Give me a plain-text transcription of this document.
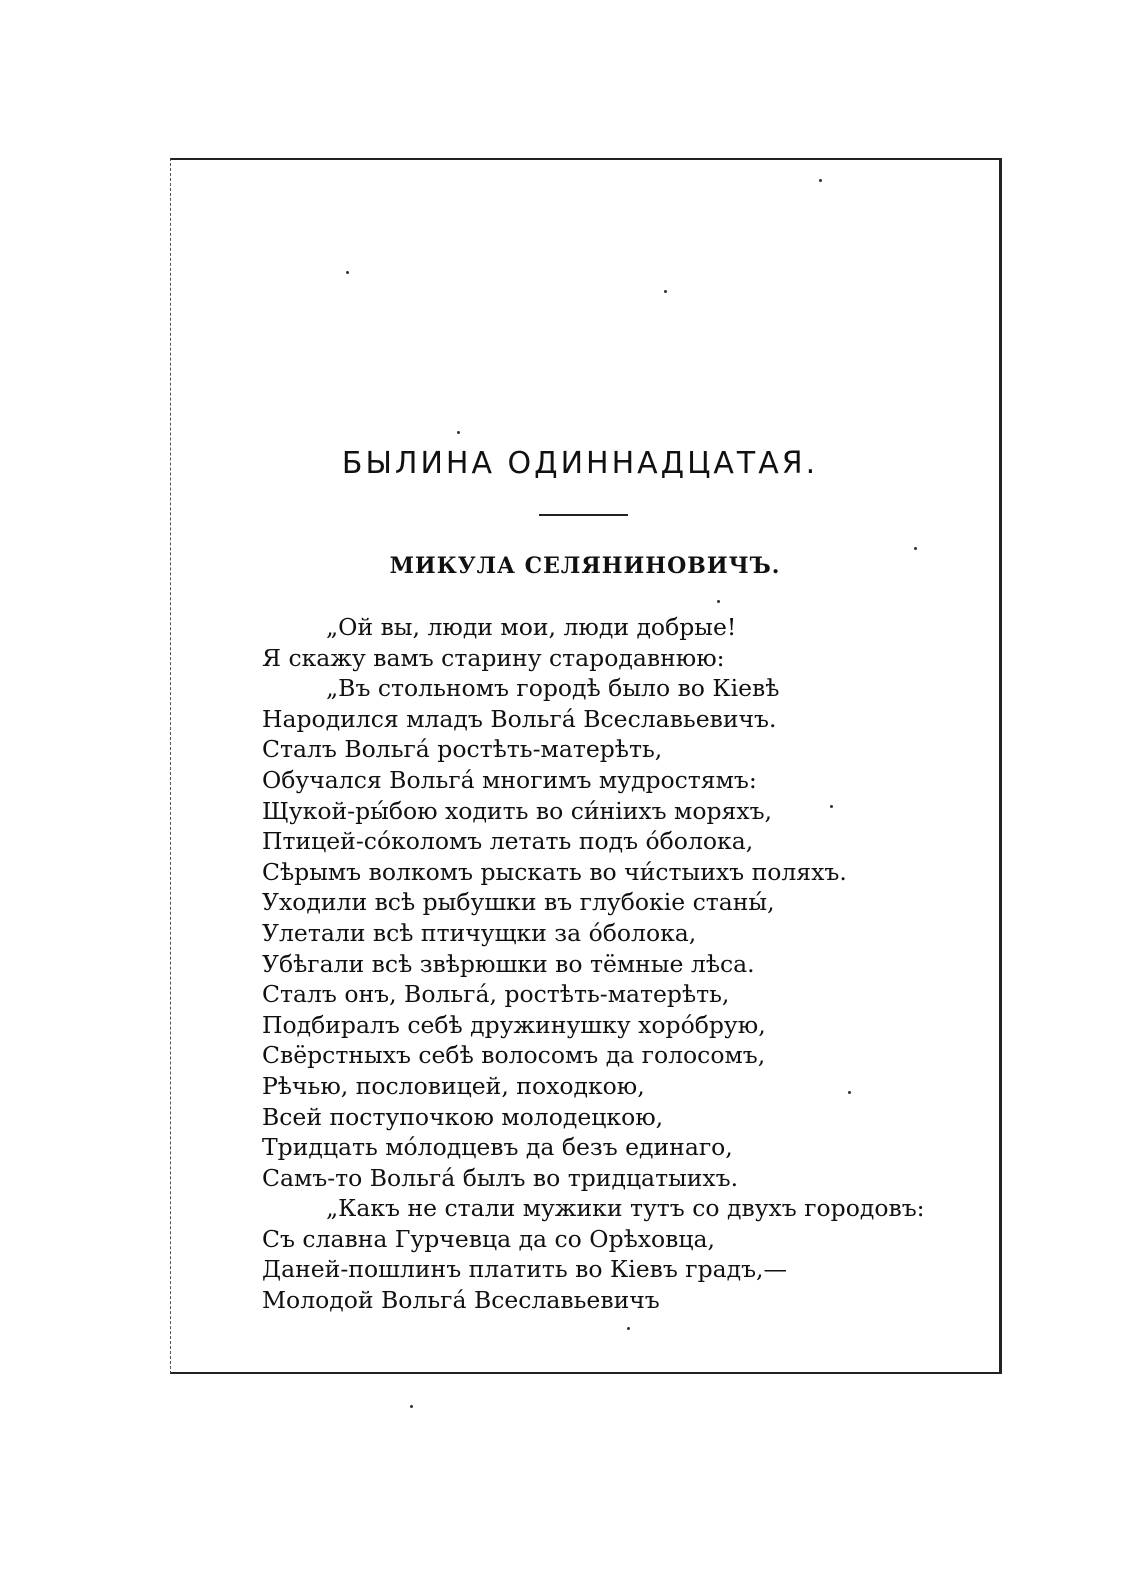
БЫЛИНА ОДИННАДЦАТАЯ.
МИКУЛА СЕЛЯНИНОВИЧЪ.
„Ой вы, люди мои, люди добрые!
Я скажу вамъ старину стародавнюю:
„Въ стольномъ городѣ было во Кіевѣ
Народился младъ Вольга́ Всеславьевичъ.
Сталъ Вольга́ ростѣть-матерѣть,
Обучался Вольга́ многимъ мудростямъ:
Щукой-ры́бою ходить во си́нiихъ моряхъ,
Птицей-со́коломъ летать подъ о́болока,
Сѣрымъ волкомъ рыскать во чи́стыихъ поляхъ.
Уходили всѣ рыбушки въ глубокiе станы́,
Улетали всѣ птичущки за о́болока,
Убѣгали всѣ звѣрюшки во тёмные лѣса.
Сталъ онъ, Вольга́, ростѣть-матерѣть,
Подбиралъ себѣ дружинушку хоро́брую,
Свёрстныхъ себѣ волосомъ да голосомъ,
Рѣчью, пословицей, походкою,
Всей поступочкою молодецкою,
Тридцать мо́лодцевъ да безъ единаго,
Самъ-то Вольга́ былъ во тридцатыихъ.
„Какъ не стали мужики тутъ со двухъ городовъ:
Съ славна Гурчевца да со Орѣховца,
Даней-пошлинъ платить во Кiевъ градъ,—
Молодой Вольга́ Всеславьевичъ
